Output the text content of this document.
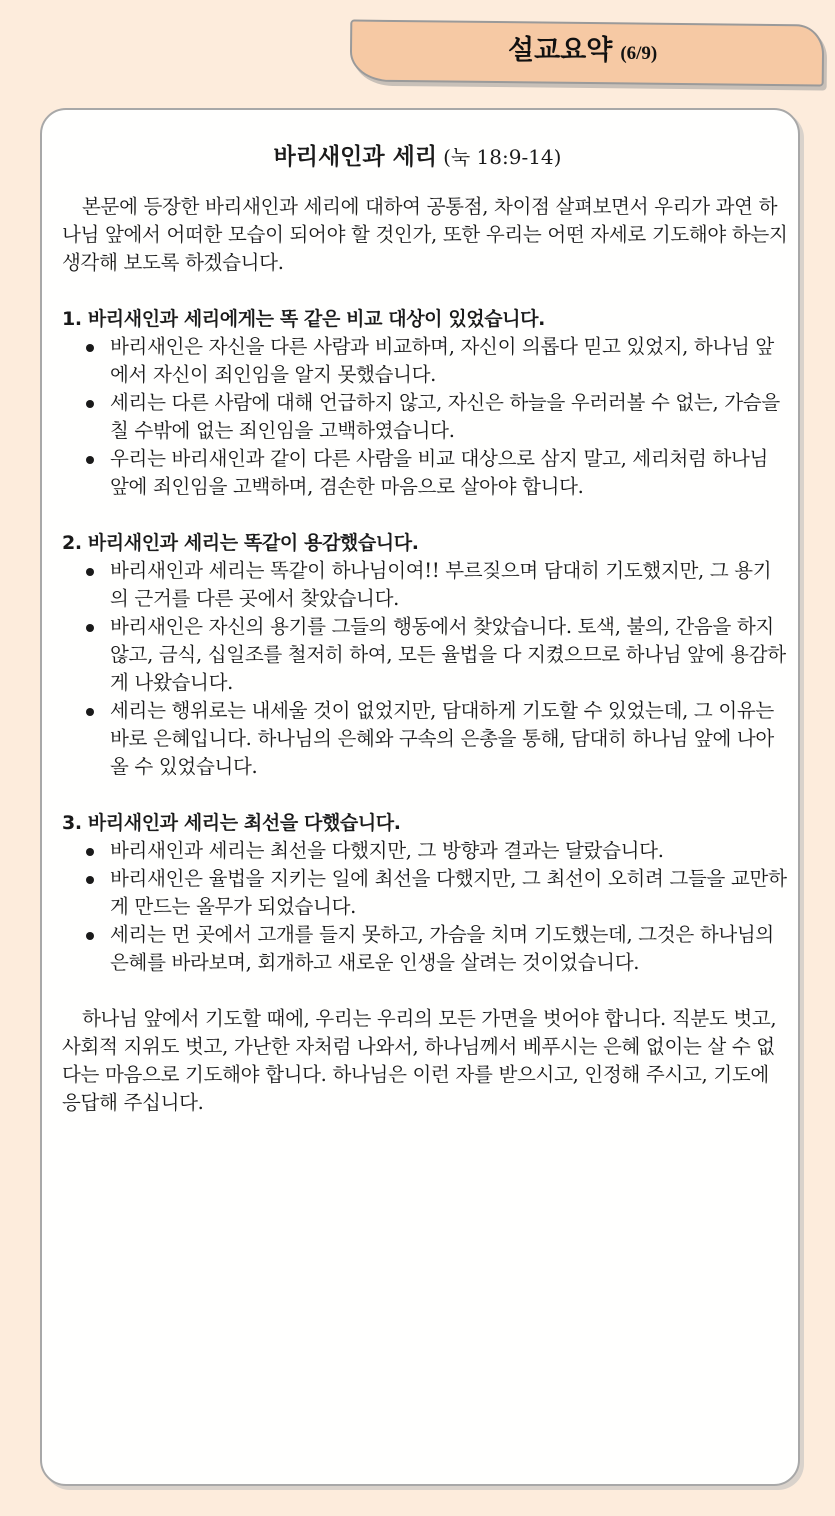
설교요약 (6/9)
바리새인과 세리 (눅 18:9-14)

본문에 등장한 바리새인과 세리에 대하여 공통점, 차이점 살펴보면서 우리가 과연 하나님 앞에서 어떠한 모습이 되어야 할 것인가, 또한 우리는 어떤 자세로 기도해야 하는지 생각해 보도록 하겠습니다.

1. 바리새인과 세리에게는 똑 같은 비교 대상이 있었습니다.

바리새인은 자신을 다른 사람과 비교하며, 자신이 의롭다 믿고 있었지, 하나님 앞에서 자신이 죄인임을 알지 못했습니다.
세리는 다른 사람에 대해 언급하지 않고, 자신은 하늘을 우러러볼 수 없는, 가슴을 칠 수밖에 없는 죄인임을 고백하였습니다.
우리는 바리새인과 같이 다른 사람을 비교 대상으로 삼지 말고, 세리처럼 하나님 앞에 죄인임을 고백하며, 겸손한 마음으로 살아야 합니다.

2. 바리새인과 세리는 똑같이 용감했습니다.

바리새인과 세리는 똑같이 하나님이여!! 부르짖으며 담대히 기도했지만, 그 용기의 근거를 다른 곳에서 찾았습니다.
바리새인은 자신의 용기를 그들의 행동에서 찾았습니다. 토색, 불의, 간음을 하지 않고, 금식, 십일조를 철저히 하여, 모든 율법을 다 지켰으므로 하나님 앞에 용감하게 나왔습니다.
세리는 행위로는 내세울 것이 없었지만, 담대하게 기도할 수 있었는데, 그 이유는 바로 은혜입니다. 하나님의 은혜와 구속의 은총을 통해, 담대히 하나님 앞에 나아올 수 있었습니다.

3. 바리새인과 세리는 최선을 다했습니다.

바리새인과 세리는 최선을 다했지만, 그 방향과 결과는 달랐습니다.
바리새인은 율법을 지키는 일에 최선을 다했지만, 그 최선이 오히려 그들을 교만하게 만드는 올무가 되었습니다.
세리는 먼 곳에서 고개를 들지 못하고, 가슴을 치며 기도했는데, 그것은 하나님의 은혜를 바라보며, 회개하고 새로운 인생을 살려는 것이었습니다.

하나님 앞에서 기도할 때에, 우리는 우리의 모든 가면을 벗어야 합니다. 직분도 벗고, 사회적 지위도 벗고, 가난한 자처럼 나와서, 하나님께서 베푸시는 은혜 없이는 살 수 없다는 마음으로 기도해야 합니다. 하나님은 이런 자를 받으시고, 인정해 주시고, 기도에 응답해 주십니다.
